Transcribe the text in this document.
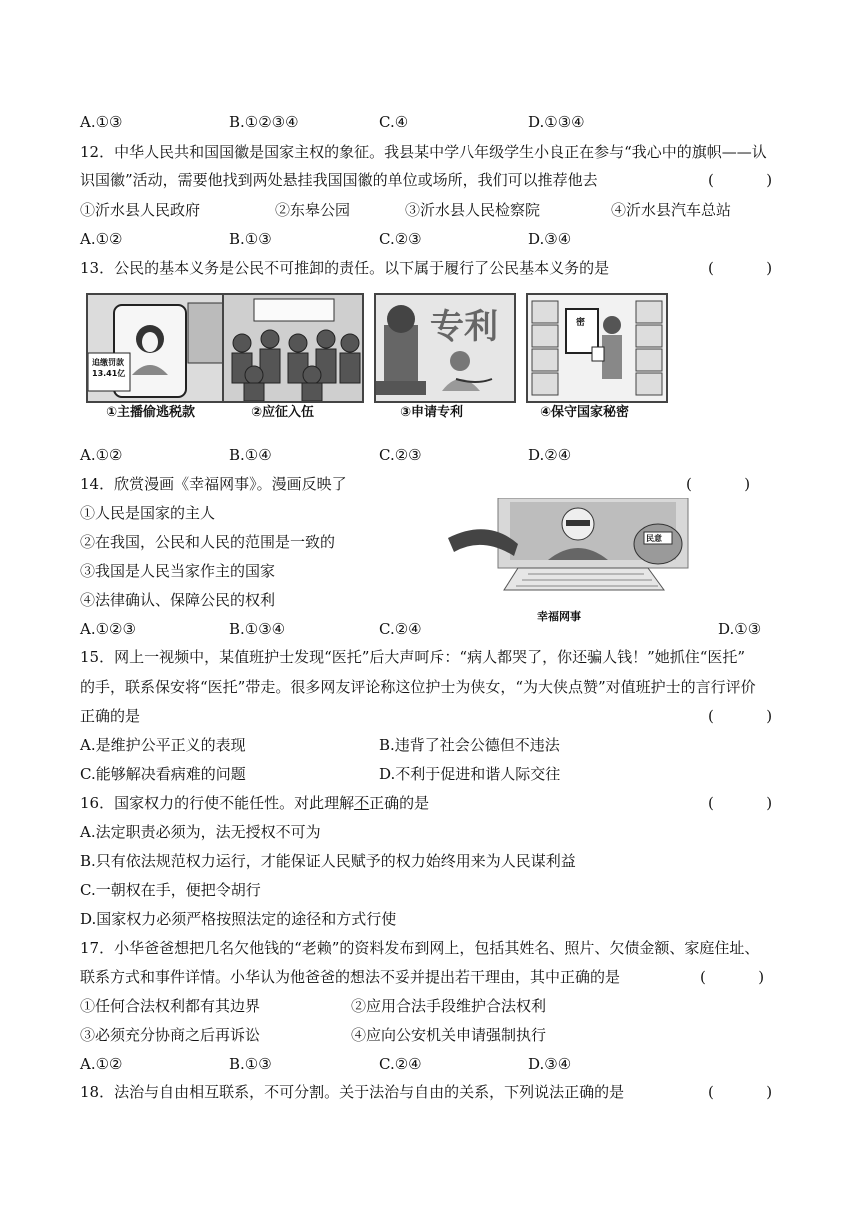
A.①③	B.①②③④	C.④	D.①③④
12．中华人民共和国国徽是国家主权的象征。我县某中学八年级学生小良正在参与“我心中的旗帜——认
识国徽”活动，需要他找到两处悬挂我国国徽的单位或场所，我们可以推荐他去	(           )
①沂水县人民政府	②东皋公园	③沂水县人民检察院	④沂水县汽车总站
A.①②	B.①③	C.②③	D.③④
13．公民的基本义务是公民不可推卸的责任。以下属于履行了公民基本义务的是	(           )
追缴罚款13.41亿
①主播偷逃税款	②应征入伍
专利
③申请专利
密
④保守国家秘密
A.①②	B.①④	C.②③	D.②④
14．欣赏漫画《幸福网事》。漫画反映了	(           )
①人民是国家的主人
②在我国，公民和人民的范围是一致的
③我国是人民当家作主的国家
④法律确认、保障公民的权利
民意
幸福网事
A.①②③	B.①③④	C.②④	D.①③
15．网上一视频中，某值班护士发现“医托”后大声呵斥：“病人都哭了，你还骗人钱！”她抓住“医托”
的手，联系保安将“医托”带走。很多网友评论称这位护士为侠女，“为大侠点赞”对值班护士的言行评价
正确的是	(           )
A.是维护公平正义的表现	B.违背了社会公德但不违法
C.能够解决看病难的问题	D.不利于促进和谐人际交往
16．国家权力的行使不能任性。对此理解不正确的是	(           )
A.法定职责必须为，法无授权不可为
B.只有依法规范权力运行，才能保证人民赋予的权力始终用来为人民谋利益
C.一朝权在手，便把令胡行
D.国家权力必须严格按照法定的途径和方式行使
17．小华爸爸想把几名欠他钱的“老赖”的资料发布到网上，包括其姓名、照片、欠债金额、家庭住址、
联系方式和事件详情。小华认为他爸爸的想法不妥并提出若干理由，其中正确的是	(           )
①任何合法权利都有其边界	②应用合法手段维护合法权利
③必须充分协商之后再诉讼	④应向公安机关申请强制执行
A.①②	B.①③	C.②④	D.③④
18．法治与自由相互联系，不可分割。关于法治与自由的关系，下列说法正确的是	(           )
